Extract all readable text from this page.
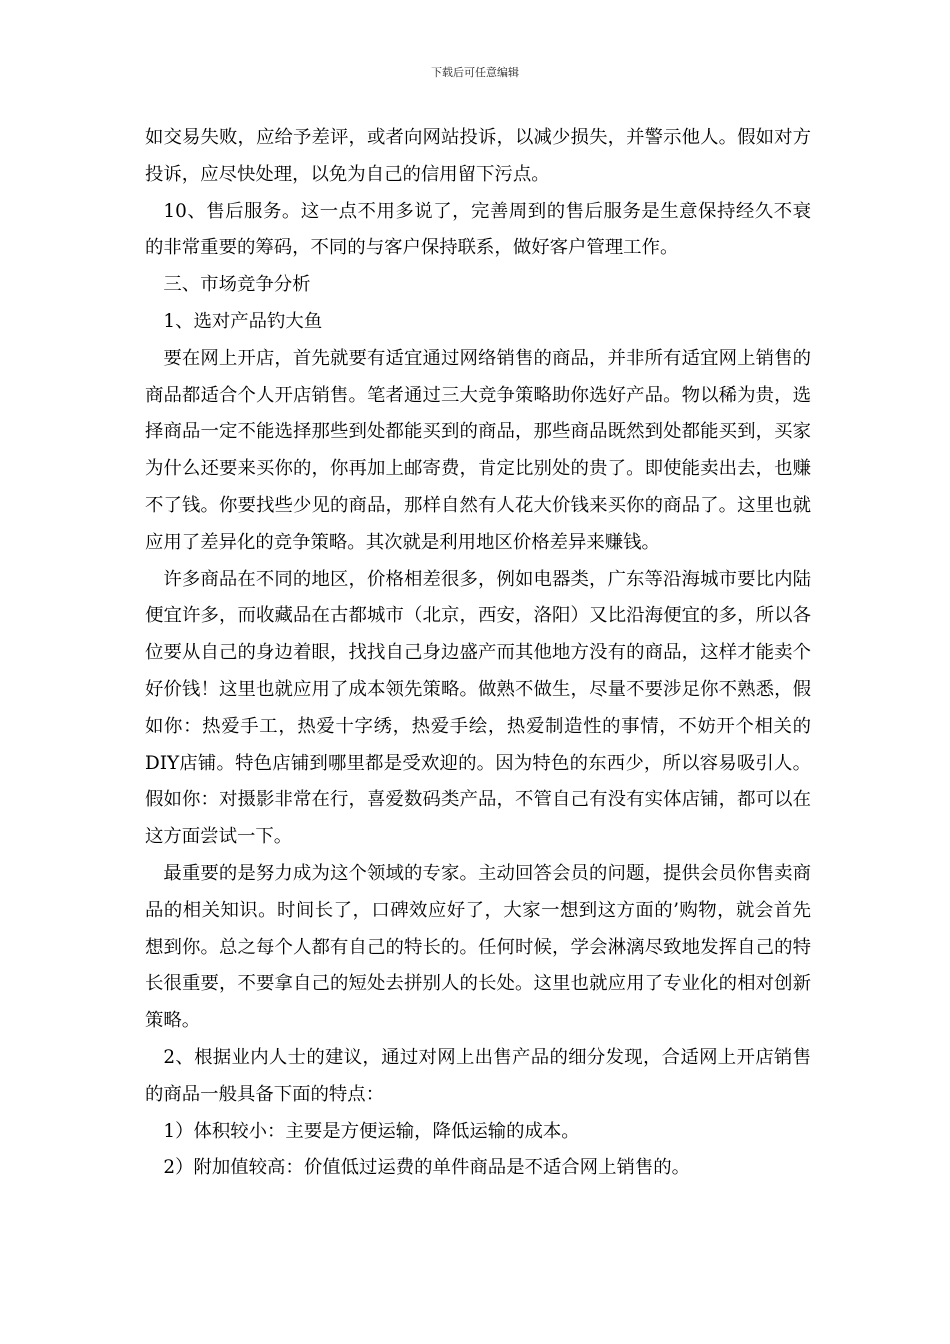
下载后可任意编辑

如交易失败，应给予差评，或者向网站投诉，以减少损失，并警示他人。假如对方投诉，应尽快处理，以免为自己的信用留下污点。

10、售后服务。这一点不用多说了，完善周到的售后服务是生意保持经久不衰的非常重要的筹码，不同的与客户保持联系，做好客户管理工作。

三、市场竞争分析

1、选对产品钓大鱼

要在网上开店，首先就要有适宜通过网络销售的商品，并非所有适宜网上销售的商品都适合个人开店销售。笔者通过三大竞争策略助你选好产品。物以稀为贵，选择商品一定不能选择那些到处都能买到的商品，那些商品既然到处都能买到，买家为什么还要来买你的，你再加上邮寄费，肯定比别处的贵了。即使能卖出去，也赚不了钱。你要找些少见的商品，那样自然有人花大价钱来买你的商品了。这里也就应用了差异化的竞争策略。其次就是利用地区价格差异来赚钱。

许多商品在不同的地区，价格相差很多，例如电器类，广东等沿海城市要比内陆便宜许多，而收藏品在古都城市（北京，西安，洛阳）又比沿海便宜的多，所以各位要从自己的身边着眼，找找自己身边盛产而其他地方没有的商品，这样才能卖个好价钱！这里也就应用了成本领先策略。做熟不做生，尽量不要涉足你不熟悉，假如你：热爱手工，热爱十字绣，热爱手绘，热爱制造性的事情，不妨开个相关的DIY店铺。特色店铺到哪里都是受欢迎的。因为特色的东西少，所以容易吸引人。假如你：对摄影非常在行，喜爱数码类产品，不管自己有没有实体店铺，都可以在这方面尝试一下。

最重要的是努力成为这个领域的专家。主动回答会员的问题，提供会员你售卖商品的相关知识。时间长了，口碑效应好了，大家一想到这方面的’购物，就会首先想到你。总之每个人都有自己的特长的。任何时候，学会淋漓尽致地发挥自己的特长很重要，不要拿自己的短处去拼别人的长处。这里也就应用了专业化的相对创新策略。

2、根据业内人士的建议，通过对网上出售产品的细分发现，合适网上开店销售的商品一般具备下面的特点：

1）体积较小：主要是方便运输，降低运输的成本。

2）附加值较高：价值低过运费的单件商品是不适合网上销售的。
